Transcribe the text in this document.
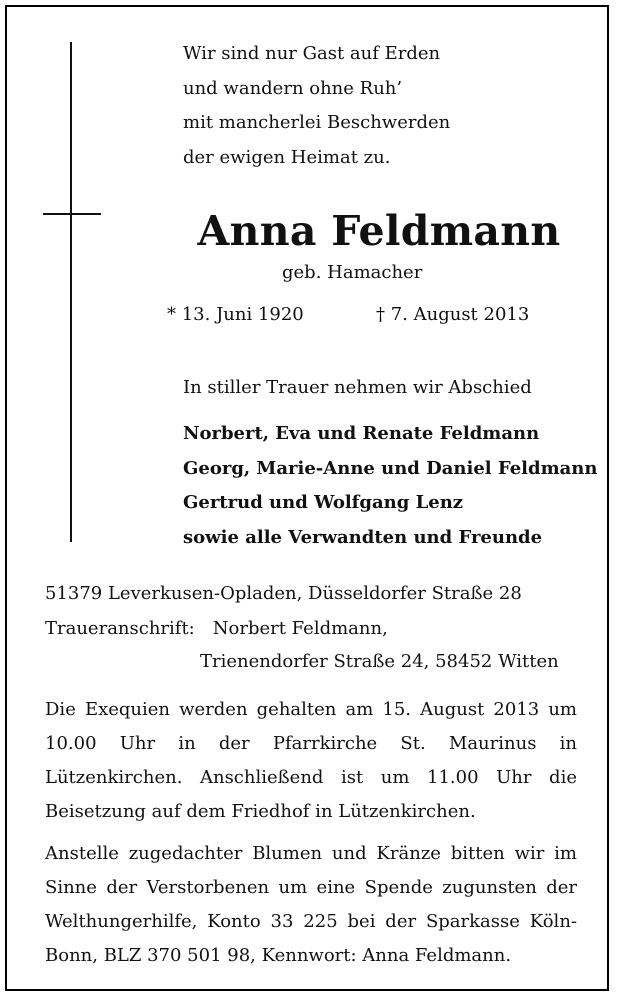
Wir sind nur Gast auf Erden
und wandern ohne Ruh’
mit mancherlei Beschwerden
der ewigen Heimat zu.
Anna Feldmann
geb. Hamacher
* 13. Juni 1920	† 7. August 2013
In stiller Trauer nehmen wir Abschied
Norbert, Eva und Renate Feldmann
Georg, Marie-Anne und Daniel Feldmann
Gertrud und Wolfgang Lenz
sowie alle Verwandten und Freunde
51379 Leverkusen-Opladen, Düsseldorfer Straße 28
Traueranschrift: Norbert Feldmann,
Trienendorfer Straße 24, 58452 Witten
Die Exequien werden gehalten am 15. August 2013 um 10.00 Uhr in der Pfarrkirche St. Maurinus in Lützenkirchen. Anschließend ist um 11.00 Uhr die Beisetzung auf dem Friedhof in Lützenkirchen.
Anstelle zugedachter Blumen und Kränze bitten wir im Sinne der Verstorbenen um eine Spende zugunsten der Welthungerhilfe, Konto 33 225 bei der Sparkasse Köln-Bonn, BLZ 370 501 98, Kennwort: Anna Feldmann.
